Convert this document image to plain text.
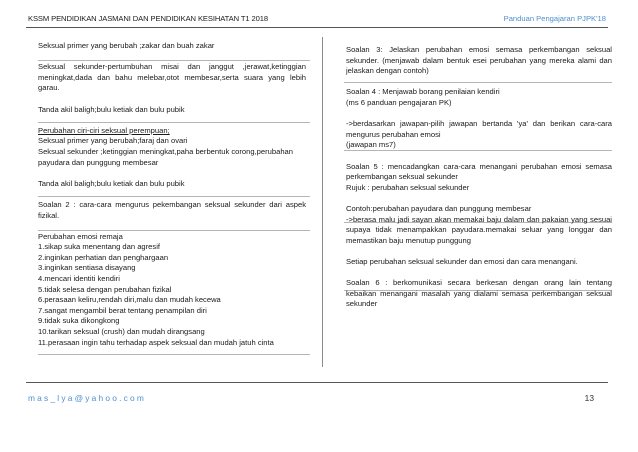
KSSM PENDIDIKAN JASMANI DAN PENDIDIKAN KESIHATAN T1 2018	Panduan Pengajaran PJPK'18

Seksual primer yang berubah ;zakar dan buah zakar

Seksual sekunder-pertumbuhan misai dan janggut ,jerawat,ketinggian meningkat,dada dan bahu melebar,otot membesar,serta suara yang lebih garau.

Tanda akil baligh;bulu ketiak dan bulu pubik

Perubahan ciri-ciri seksual perempuan;

Seksual primer yang berubah;faraj dan ovari

Seksual sekunder ;ketinggian meningkat,paha berbentuk corong,perubahan payudara dan punggung membesar

Tanda akil baligh;bulu ketiak dan bulu pubik

Soalan 2 : cara-cara mengurus pekembangan seksual sekunder dari aspek fizikal.

Perubahan emosi remaja

1.sikap suka menentang dan agresif

2.inginkan perhatian dan penghargaan

3.inginkan sentiasa disayang

4.mencari identiti kendiri

5.tidak selesa dengan perubahan fizikal

6.perasaan keliru,rendah diri,malu dan mudah kecewa

7.sangat mengambil berat tentang penampilan diri

9.tidak suka dikongkong

10.tarikan seksual (crush) dan mudah dirangsang

11.perasaan ingin tahu terhadap aspek seksual dan mudah jatuh cinta

Soalan 3: Jelaskan perubahan emosi semasa perkembangan seksual sekunder. (menjawab dalam bentuk esei perubahan yang mereka alami dan jelaskan dengan contoh)

Soalan 4 : Menjawab borang penilaian kendiri

(ms 6 panduan pengajaran PK)

->berdasarkan jawapan-pilih jawapan bertanda 'ya' dan berikan cara-cara mengurus perubahan emosi

(jawapan ms7)

Soalan 5 : mencadangkan cara-cara menangani perubahan emosi semasa perkembangan seksual sekunder

Rujuk : perubahan seksual sekunder

Contoh:perubahan payudara dan punggung membesar

->berasa malu jadi sayan akan memakai baju dalam dan pakaian yang sesuai supaya tidak menampakkan payudara.memakai seluar yang longgar dan memastikan baju menutup punggung

Setiap perubahan seksual sekunder dan emosi dan cara menangani.

Soalan 6 : berkomunikasi secara berkesan dengan orang lain tentang kebaikan menangani masalah yang dialami semasa perkembangan seksual sekunder

mas_lya@yahoo.com	13
